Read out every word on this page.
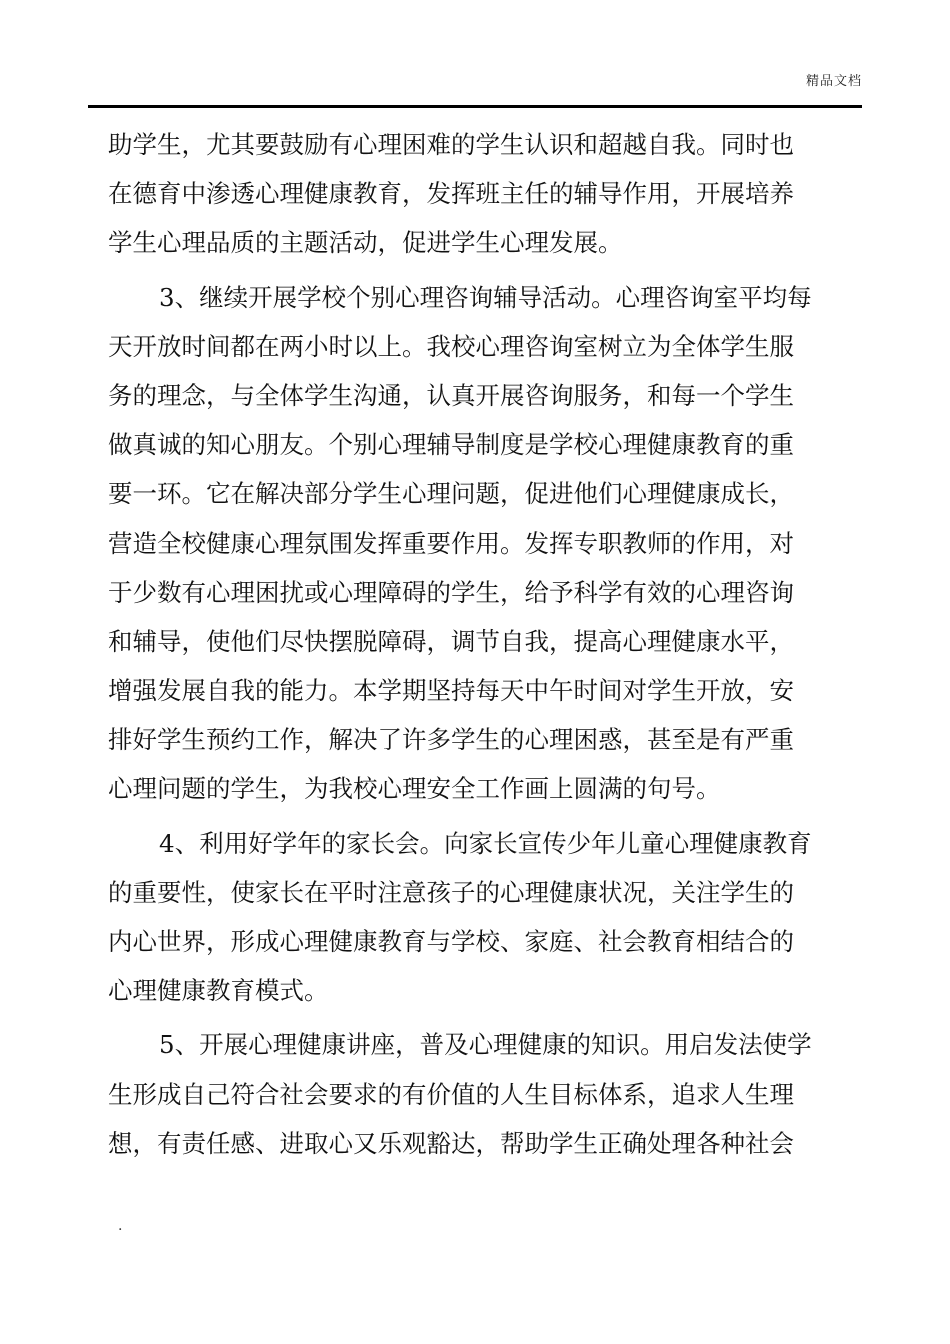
精品文档
助学生，尤其要鼓励有心理困难的学生认识和超越自我。同时也
在德育中渗透心理健康教育，发挥班主任的辅导作用，开展培养
学生心理品质的主题活动，促进学生心理发展。
3、继续开展学校个别心理咨询辅导活动。心理咨询室平均每
天开放时间都在两小时以上。我校心理咨询室树立为全体学生服
务的理念，与全体学生沟通，认真开展咨询服务，和每一个学生
做真诚的知心朋友。个别心理辅导制度是学校心理健康教育的重
要一环。它在解决部分学生心理问题，促进他们心理健康成长，
营造全校健康心理氛围发挥重要作用。发挥专职教师的作用，对
于少数有心理困扰或心理障碍的学生，给予科学有效的心理咨询
和辅导，使他们尽快摆脱障碍，调节自我，提高心理健康水平，
增强发展自我的能力。本学期坚持每天中午时间对学生开放，安
排好学生预约工作，解决了许多学生的心理困惑，甚至是有严重
心理问题的学生，为我校心理安全工作画上圆满的句号。
4、利用好学年的家长会。向家长宣传少年儿童心理健康教育
的重要性，使家长在平时注意孩子的心理健康状况，关注学生的
内心世界，形成心理健康教育与学校、家庭、社会教育相结合的
心理健康教育模式。
5、开展心理健康讲座，普及心理健康的知识。用启发法使学
生形成自己符合社会要求的有价值的人生目标体系，追求人生理
想，有责任感、进取心又乐观豁达，帮助学生正确处理各种社会
.
